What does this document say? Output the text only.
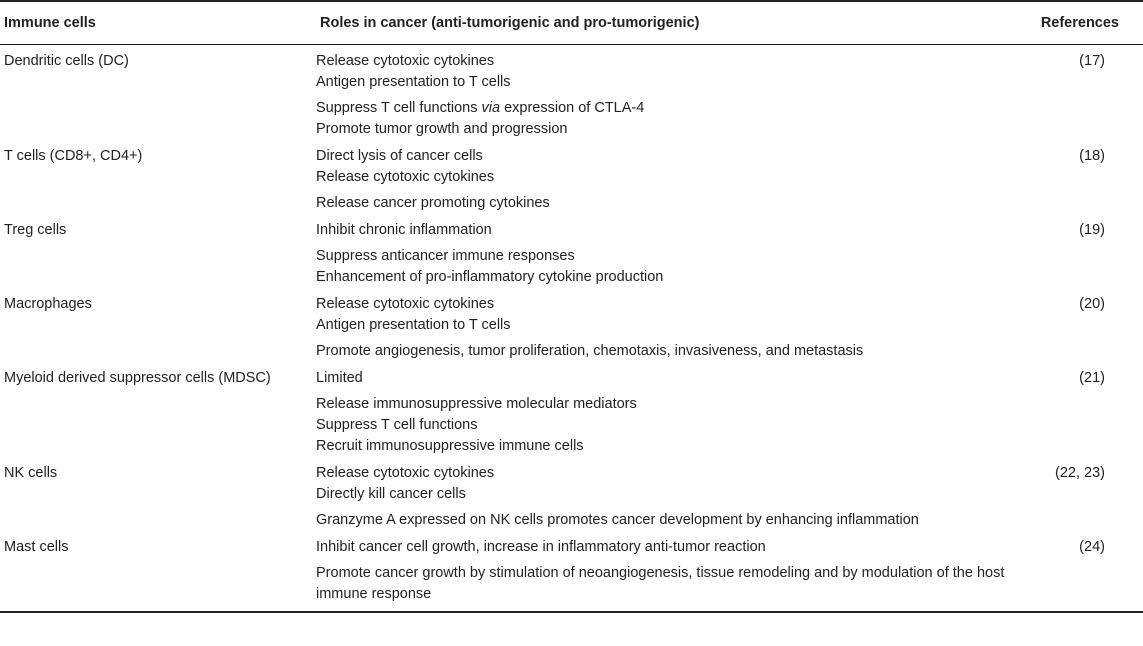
Immune cells	Roles in cancer (anti-tumorigenic and pro-tumorigenic)	References
Dendritic cells (DC)	Release cytotoxic cytokines
Antigen presentation to T cells
Suppress T cell functions via expression of CTLA-4
Promote tumor growth and progression	(17)
T cells (CD8+, CD4+)	Direct lysis of cancer cells
Release cytotoxic cytokines
Release cancer promoting cytokines	(18)
Treg cells	Inhibit chronic inflammation
Suppress anticancer immune responses
Enhancement of pro-inflammatory cytokine production	(19)
Macrophages	Release cytotoxic cytokines
Antigen presentation to T cells
Promote angiogenesis, tumor proliferation, chemotaxis, invasiveness, and metastasis	(20)
Myeloid derived suppressor cells (MDSC)	Limited
Release immunosuppressive molecular mediators
Suppress T cell functions
Recruit immunosuppressive immune cells	(21)
NK cells	Release cytotoxic cytokines
Directly kill cancer cells
Granzyme A expressed on NK cells promotes cancer development by enhancing inflammation	(22, 23)
Mast cells	Inhibit cancer cell growth, increase in inflammatory anti-tumor reaction
Promote cancer growth by stimulation of neoangiogenesis, tissue remodeling and by modulation of the host immune response	(24)
